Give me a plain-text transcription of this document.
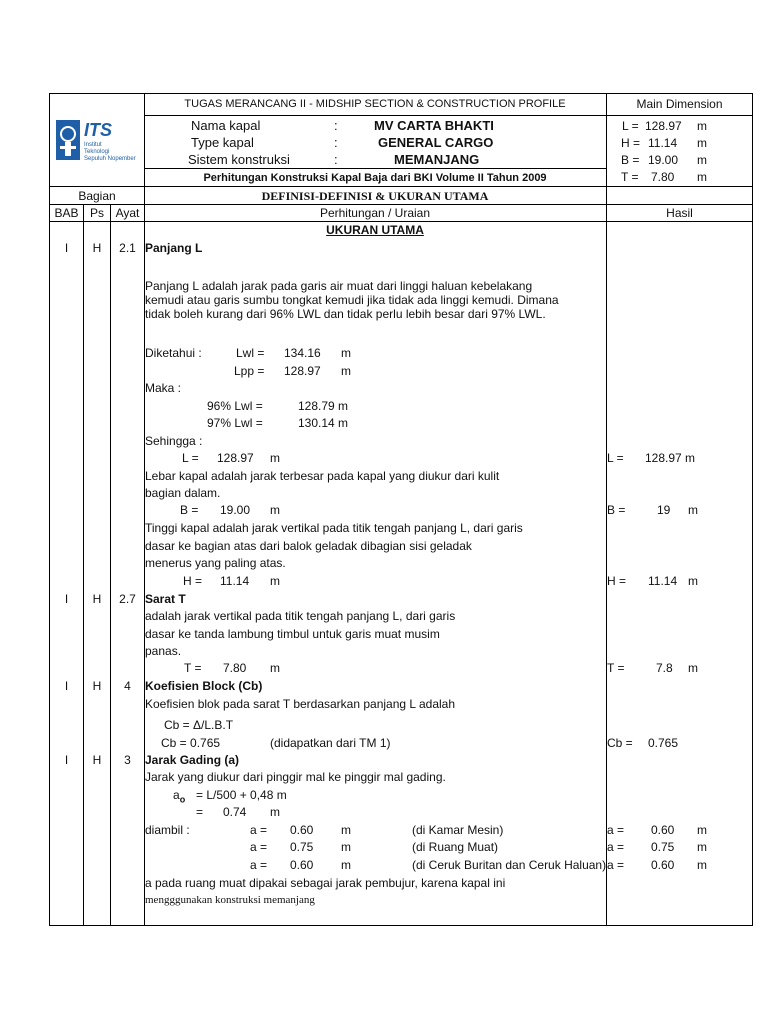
TUGAS MERANCANG II - MIDSHIP SECTION & CONSTRUCTION PROFILE	Main Dimension
ITS
Institut
Teknologi
Sepuluh Nopember
Nama kapal	:	MV CARTA BHAKTI
Type kapal	:	GENERAL CARGO
Sistem konstruksi	:	MEMANJANG
Perhitungan Konstruksi Kapal Baja dari BKI Volume II Tahun 2009
L = 128.97 m
H = 11.14 m
B = 19.00 m
T = 7.80 m
Bagian	DEFINISI-DEFINISI & UKURAN UTAMA
BAB Ps Ayat	Perhitungan / Uraian	Hasil
UKURAN UTAMA
I	H	2.1 Panjang L
Panjang L adalah jarak pada garis air muat dari linggi haluan kebelakang
kemudi atau garis sumbu tongkat kemudi jika tidak ada linggi kemudi. Dimana
tidak boleh kurang dari 96% LWL dan tidak perlu lebih besar dari 97% LWL.
Diketahui :	Lwl = 134.16 m
Lpp = 128.97 m
Maka :
96% Lwl =	128.79 m
97% Lwl =	130.14 m
Sehingga :
L = 128.97 m	L = 128.97 m
Lebar kapal adalah jarak terbesar pada kapal yang diukur dari kulit
bagian dalam.
B = 19.00 m	B =	19 m
Tinggi kapal adalah jarak vertikal pada titik tengah panjang L, dari garis
dasar ke bagian atas dari balok geladak dibagian sisi geladak
menerus yang paling atas.
H = 11.14 m	H = 11.14 m
I	H	2.7 Sarat T
adalah jarak vertikal pada titik tengah panjang L, dari garis
dasar ke tanda lambung timbul untuk garis muat musim
panas.
T = 7.80 m	T =	7.8 m
I	H	4	Koefisien Block (Cb)
Koefisien blok pada sarat T berdasarkan panjang L adalah
Cb = Δ/L.B.T
Cb = 0.765	(didapatkan dari TM 1)	Cb = 0.765
I	H	3	Jarak Gading (a)
Jarak yang diukur dari pinggir mal ke pinggir mal gading.
$a_o = L/500 + 0,48$ m
= 0.74 m
diambil :	a = 0.60 m	(di Kamar Mesin)	a = 0.60 m
a = 0.75 m	(di Ruang Muat)	a = 0.75 m
a = 0.60 m	(di Ceruk Buritan dan Ceruk Haluan) a = 0.60 m
a pada ruang muat dipakai sebagai jarak pembujur, karena kapal ini
mengggunakan konstruksi memanjang
